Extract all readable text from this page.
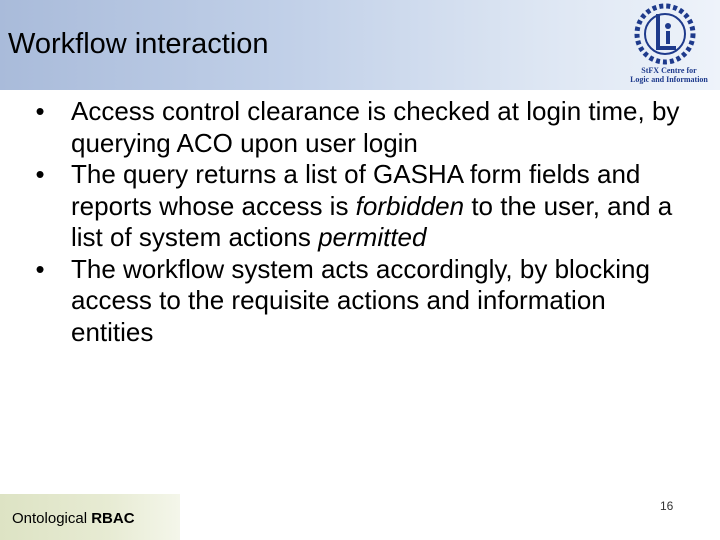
Workflow interaction
StFX Centre for
Logic and Information
• Access control clearance is checked at login time, by querying ACO upon user login
• The query returns a list of GASHA form fields and reports whose access is forbidden to the user, and a list of system actions permitted
• The workflow system acts accordingly, by blocking access to the requisite actions and information entities
Ontological RBAC
16
